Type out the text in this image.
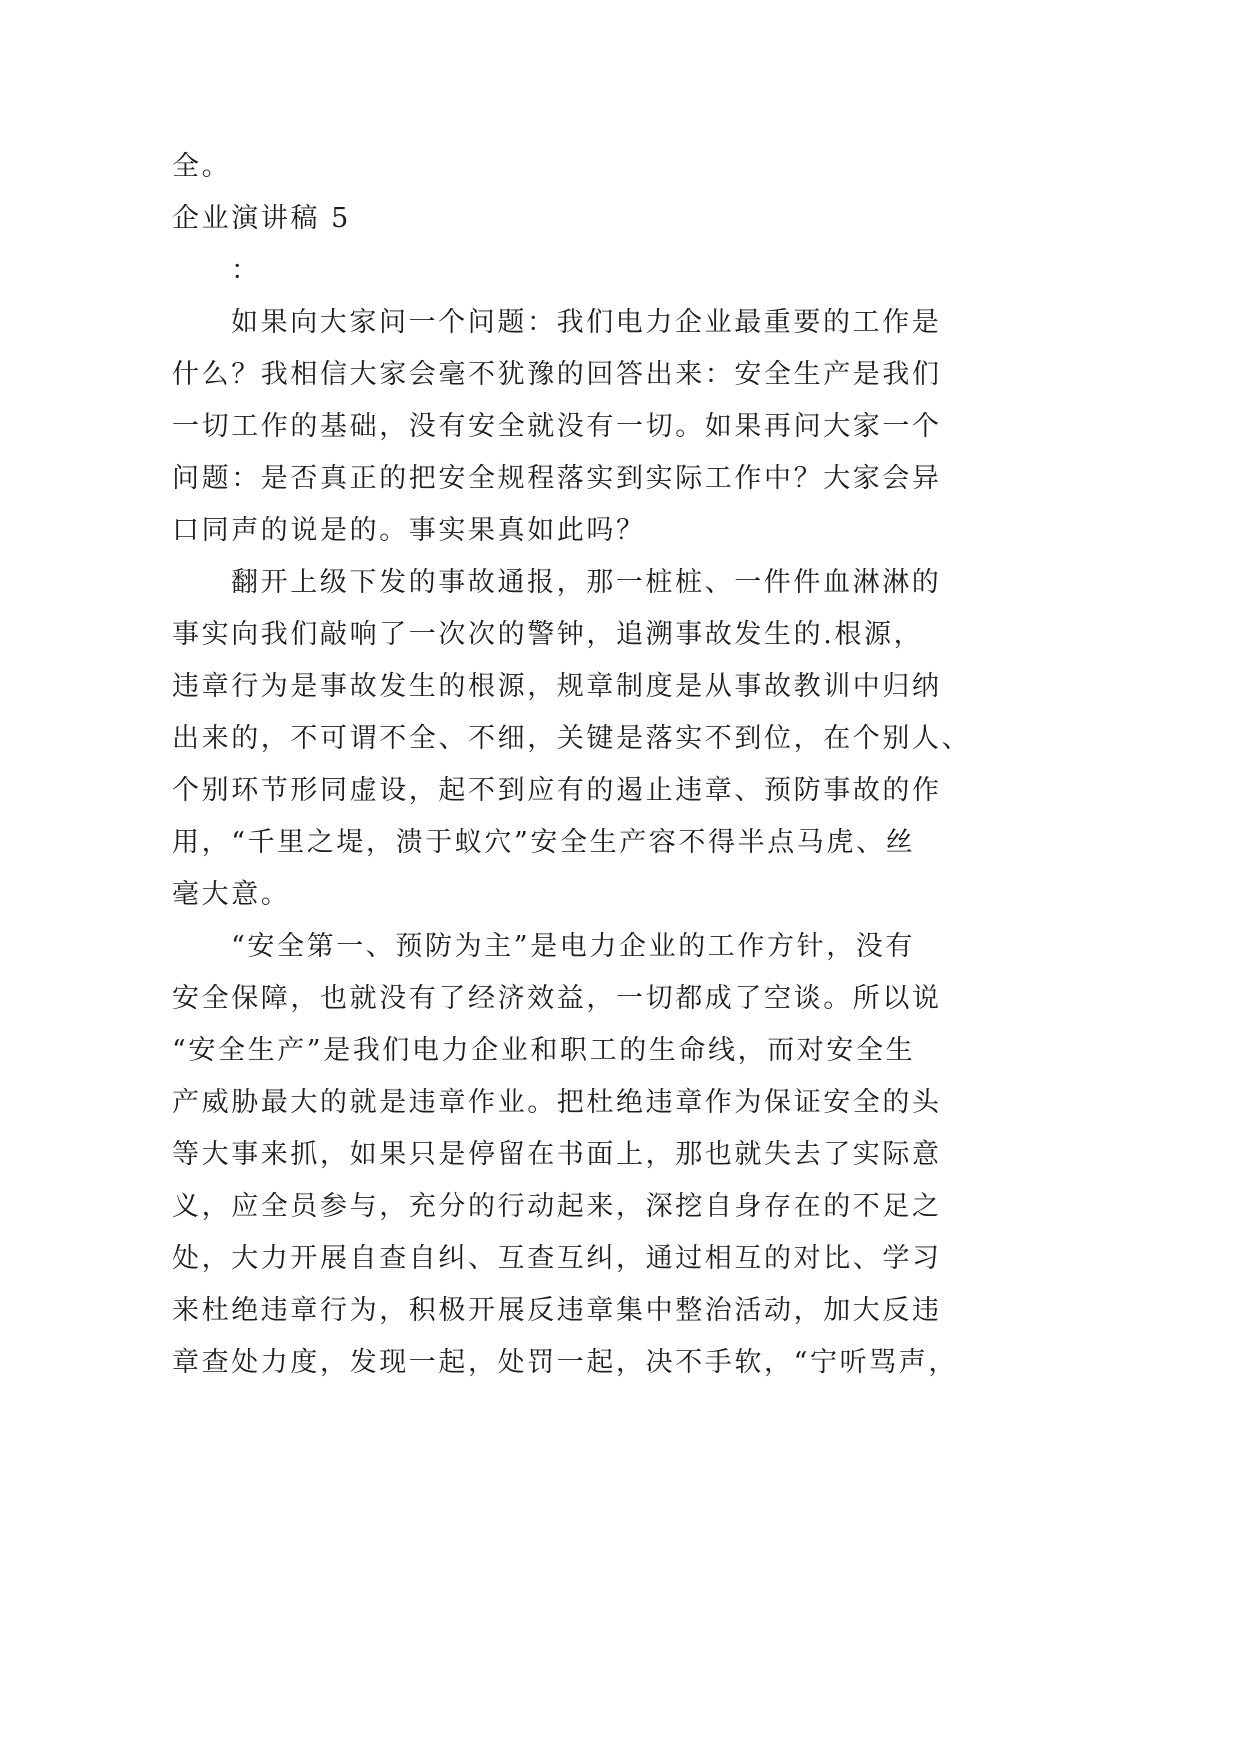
全。
企业演讲稿 5
：
如果向大家问一个问题：我们电力企业最重要的工作是
什么？我相信大家会毫不犹豫的回答出来：安全生产是我们
一切工作的基础，没有安全就没有一切。如果再问大家一个
问题：是否真正的把安全规程落实到实际工作中？大家会异
口同声的说是的。事实果真如此吗？
翻开上级下发的事故通报，那一桩桩、一件件血淋淋的
事实向我们敲响了一次次的警钟，追溯事故发生的.根源，
违章行为是事故发生的根源，规章制度是从事故教训中归纳
出来的，不可谓不全、不细，关键是落实不到位，在个别人、
个别环节形同虚设，起不到应有的遏止违章、预防事故的作
用，“千里之堤，溃于蚁穴”安全生产容不得半点马虎、丝
毫大意。
“安全第一、预防为主”是电力企业的工作方针，没有
安全保障，也就没有了经济效益，一切都成了空谈。所以说
“安全生产”是我们电力企业和职工的生命线，而对安全生
产威胁最大的就是违章作业。把杜绝违章作为保证安全的头
等大事来抓，如果只是停留在书面上，那也就失去了实际意
义，应全员参与，充分的行动起来，深挖自身存在的不足之
处，大力开展自查自纠、互查互纠，通过相互的对比、学习
来杜绝违章行为，积极开展反违章集中整治活动，加大反违
章查处力度，发现一起，处罚一起，决不手软，“宁听骂声，
